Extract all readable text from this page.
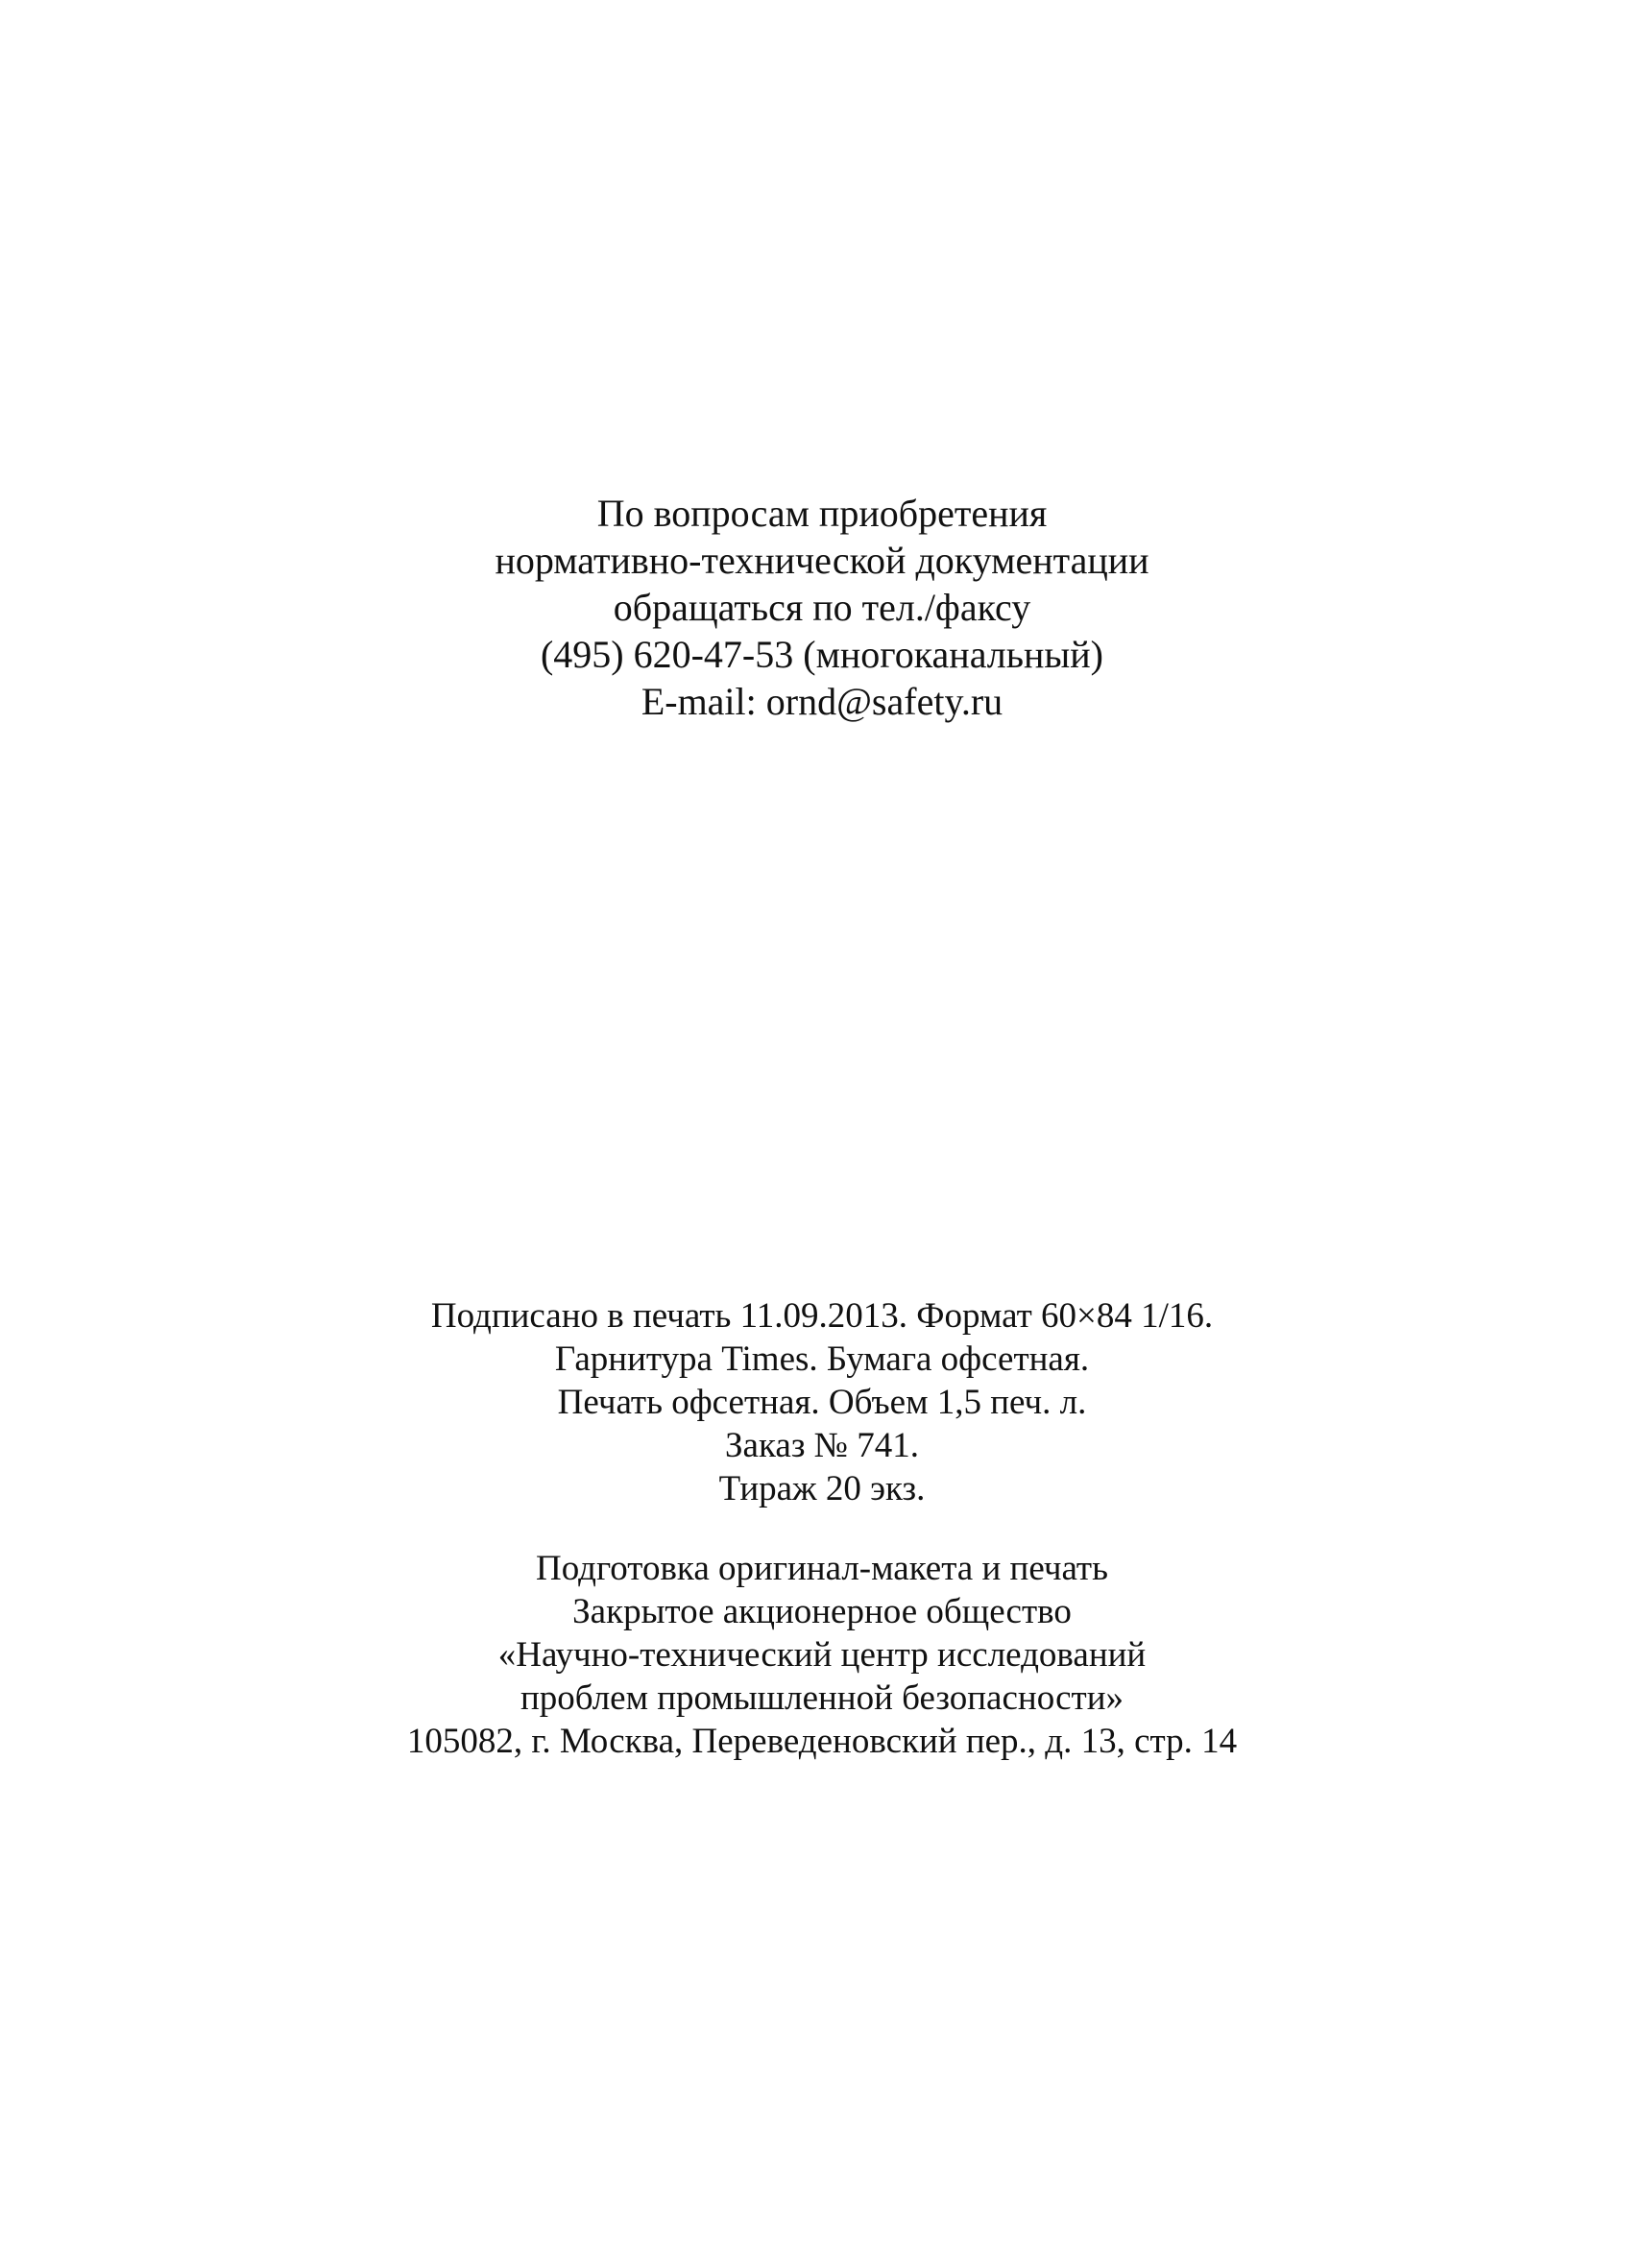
По вопросам приобретения
нормативно-технической документации
обращаться по тел./факсу
(495) 620-47-53 (многоканальный)
E-mail: ornd@safety.ru
Подписано в печать 11.09.2013. Формат 60×84 1/16.
Гарнитура Times. Бумага офсетная.
Печать офсетная. Объем 1,5 печ. л.
Заказ № 741.
Тираж 20 экз.
Подготовка оригинал-макета и печать
Закрытое акционерное общество
«Научно-технический центр исследований
проблем промышленной безопасности»
105082, г. Москва, Переведеновский пер., д. 13, стр. 14
